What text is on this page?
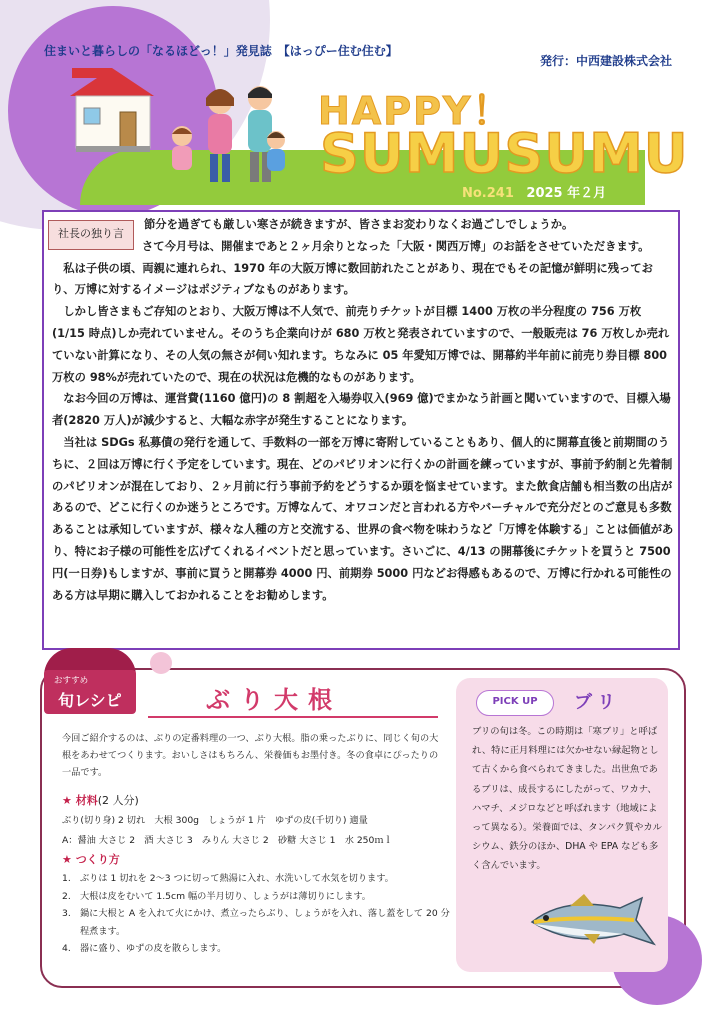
住まいと暮らしの「なるほどっ！」発見誌　【はっぴー住む住む】
発行：中西建設株式会社
HAPPY！
SUMUSUMU
No.241 2025 年２月
社長の独り言

節分を過ぎても厳しい寒さが続きますが、皆さまお変わりなくお過ごしでしょうか。

さて今月号は、開催まであと２ヶ月余りとなった「大阪・関西万博」のお話をさせていただきます。

私は子供の頃、両親に連れられ、1970 年の大阪万博に数回訪れたことがあり、現在でもその記憶が鮮明に残っており、万博に対するイメージはポジティブなものがあります。

しかし皆さまもご存知のとおり、大阪万博は不人気で、前売りチケットが目標 1400 万枚の半分程度の 756 万枚(1/15 時点)しか売れていません。そのうち企業向けが 680 万枚と発表されていますので、一般販売は 76 万枚しか売れていない計算になり、その人気の無さが伺い知れます。ちなみに 05 年愛知万博では、開幕約半年前に前売り券目標 800 万枚の 98%が売れていたので、現在の状況は危機的なものがあります。

なお今回の万博は、運営費(1160 億円)の 8 割超を入場券収入(969 億)でまかなう計画と聞いていますので、目標入場者(2820 万人)が減少すると、大幅な赤字が発生することになります。

当社は SDGs 私募債の発行を通して、手数料の一部を万博に寄附していることもあり、個人的に開幕直後と前期間のうちに、２回は万博に行く予定をしています。現在、どのパビリオンに行くかの計画を練っていますが、事前予約制と先着制のパビリオンが混在しており、２ヶ月前に行う事前予約をどうするか頭を悩ませています。また飲食店舗も相当数の出店があるので、どこに行くのか迷うところです。万博なんて、オワコンだと言われる方やバーチャルで充分だとのご意見も多数あることは承知していますが、様々な人種の方と交流する、世界の食べ物を味わうなど「万博を体験する」ことは価値があり、特にお子様の可能性を広げてくれるイベントだと思っています。さいごに、4/13 の開幕後にチケットを買うと 7500 円(一日券)もしますが、事前に買うと開幕券 4000 円、前期券 5000 円などお得感もあるので、万博に行かれる可能性のある方は早期に購入しておかれることをお勧めします。

おすすめ
旬レシピ	ぶり大根
今回ご紹介するのは、ぶりの定番料理の一つ、ぶり大根。脂の乗ったぶりに、同じく旬の大根をあわせてつくります。おいしさはもちろん、栄養価もお墨付き。冬の食卓にぴったりの一品です。
★ 材料(2 人分)
ぶり(切り身) 2 切れ　大根 300g　しょうが 1 片　ゆずの皮(千切り) 適量
A：醤油 大さじ 2　酒 大さじ 3　みりん 大さじ 2　砂糖 大さじ 1　水 250ｍｌ
★ つくり方
1.	ぶりは 1 切れを 2～3 つに切って熱湯に入れ、水洗いして水気を切ります。
2.	大根は皮をむいて 1.5cm 幅の半月切り、しょうがは薄切りにします。
3.	鍋に大根と A を入れて火にかけ、煮立ったらぶり、しょうがを入れ、落し蓋をして 20 分程煮ます。
4.	器に盛り、ゆずの皮を散らします。
PICK UP	ブリ
ブリの旬は冬。この時期は「寒ブリ」と呼ばれ、特に正月料理には欠かせない縁起物として古くから食べられてきました。出世魚であるブリは、成長するにしたがって、ワカナ、ハマチ、メジロなどと呼ばれます（地域によって異なる）。栄養面では、タンパク質やカルシウム、鉄分のほか、DHA や EPA なども多く含んでいます。
